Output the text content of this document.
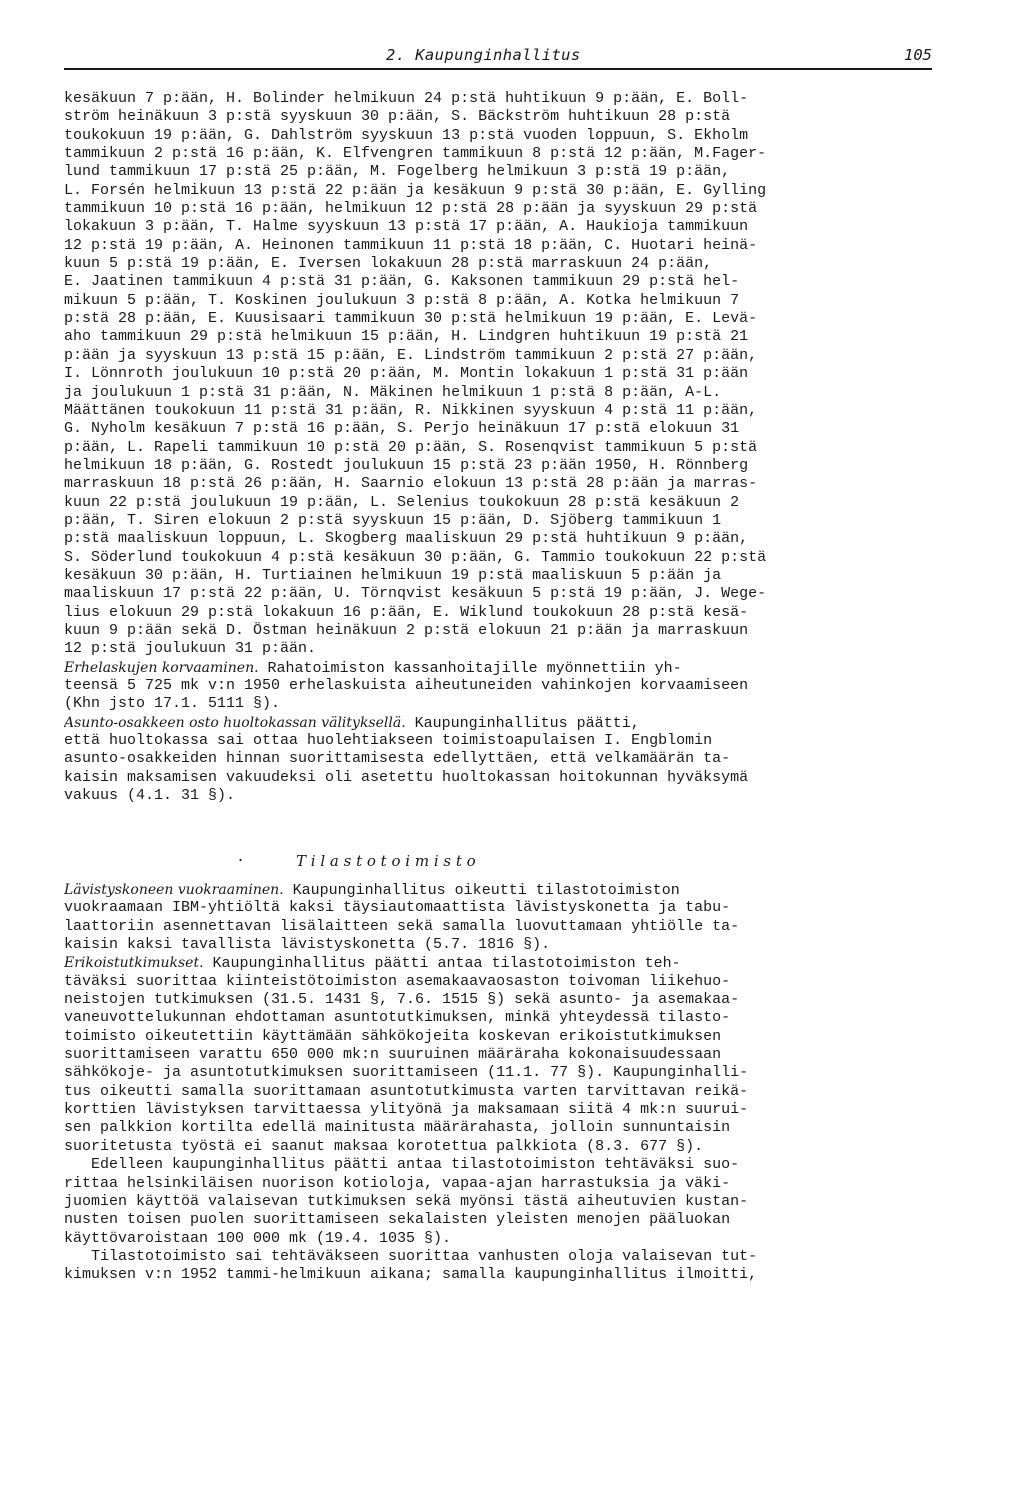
2. Kaupunginhallitus	105
kesäkuun 7 p:ään, H. Bolinder helmikuun 24 p:stä huhtikuun 9 p:ään, E. Boll-
ström heinäkuun 3 p:stä syyskuun 30 p:ään, S. Bäckström huhtikuun 28 p:stä
toukokuun 19 p:ään, G. Dahlström syyskuun 13 p:stä vuoden loppuun, S. Ekholm
tammikuun 2 p:stä 16 p:ään, K. Elfvengren tammikuun 8 p:stä 12 p:ään, M.Fager-
lund tammikuun 17 p:stä 25 p:ään, M. Fogelberg helmikuun 3 p:stä 19 p:ään,
L. Forsén helmikuun 13 p:stä 22 p:ään ja kesäkuun 9 p:stä 30 p:ään, E. Gylling
tammikuun 10 p:stä 16 p:ään, helmikuun 12 p:stä 28 p:ään ja syyskuun 29 p:stä
lokakuun 3 p:ään, T. Halme syyskuun 13 p:stä 17 p:ään, A. Haukioja tammikuun
12 p:stä 19 p:ään, A. Heinonen tammikuun 11 p:stä 18 p:ään, C. Huotari heinä-
kuun 5 p:stä 19 p:ään, E. Iversen lokakuun 28 p:stä marraskuun 24 p:ään,
E. Jaatinen tammikuun 4 p:stä 31 p:ään, G. Kaksonen tammikuun 29 p:stä hel-
mikuun 5 p:ään, T. Koskinen joulukuun 3 p:stä 8 p:ään, A. Kotka helmikuun 7
p:stä 28 p:ään, E. Kuusisaari tammikuun 30 p:stä helmikuun 19 p:ään, E. Levä-
aho tammikuun 29 p:stä helmikuun 15 p:ään, H. Lindgren huhtikuun 19 p:stä 21
p:ään ja syyskuun 13 p:stä 15 p:ään, E. Lindström tammikuun 2 p:stä 27 p:ään,
I. Lönnroth joulukuun 10 p:stä 20 p:ään, M. Montin lokakuun 1 p:stä 31 p:ään
ja joulukuun 1 p:stä 31 p:ään, N. Mäkinen helmikuun 1 p:stä 8 p:ään, A-L.
Määttänen toukokuun 11 p:stä 31 p:ään, R. Nikkinen syyskuun 4 p:stä 11 p:ään,
G. Nyholm kesäkuun 7 p:stä 16 p:ään, S. Perjo heinäkuun 17 p:stä elokuun 31
p:ään, L. Rapeli tammikuun 10 p:stä 20 p:ään, S. Rosenqvist tammikuun 5 p:stä
helmikuun 18 p:ään, G. Rostedt joulukuun 15 p:stä 23 p:ään 1950, H. Rönnberg
marraskuun 18 p:stä 26 p:ään, H. Saarnio elokuun 13 p:stä 28 p:ään ja marras-
kuun 22 p:stä joulukuun 19 p:ään, L. Selenius toukokuun 28 p:stä kesäkuun 2
p:ään, T. Siren elokuun 2 p:stä syyskuun 15 p:ään, D. Sjöberg tammikuun 1
p:stä maaliskuun loppuun, L. Skogberg maaliskuun 29 p:stä huhtikuun 9 p:ään,
S. Söderlund toukokuun 4 p:stä kesäkuun 30 p:ään, G. Tammio toukokuun 22 p:stä
kesäkuun 30 p:ään, H. Turtiainen helmikuun 19 p:stä maaliskuun 5 p:ään ja
maaliskuun 17 p:stä 22 p:ään, U. Törnqvist kesäkuun 5 p:stä 19 p:ään, J. Wege-
lius elokuun 29 p:stä lokakuun 16 p:ään, E. Wiklund toukokuun 28 p:stä kesä-
kuun 9 p:ään sekä D. Östman heinäkuun 2 p:stä elokuun 21 p:ään ja marraskuun
12 p:stä joulukuun 31 p:ään.
Erhelaskujen korvaaminen. Rahatoimiston kassanhoitajille myönnettiin yh-
teensä 5 725 mk v:n 1950 erhelaskuista aiheutuneiden vahinkojen korvaamiseen
(Khn jsto 17.1. 5111 §).
Asunto-osakkeen osto huoltokassan välityksellä. Kaupunginhallitus päätti,
että huoltokassa sai ottaa huolehtiakseen toimistoapulaisen I. Engblomin
asunto-osakkeiden hinnan suorittamisesta edellyttäen, että velkamäärän ta-
kaisin maksamisen vakuudeksi oli asetettu huoltokassan hoitokunnan hyväksymä
vakuus (4.1. 31 §).
·	T i l a s t o t o i m i s t o
Lävistyskoneen vuokraaminen. Kaupunginhallitus oikeutti tilastotoimiston
vuokraamaan IBM-yhtiöltä kaksi täysiautomaattista lävistyskonetta ja tabu-
laattoriin asennettavan lisälaitteen sekä samalla luovuttamaan yhtiölle ta-
kaisin kaksi tavallista lävistyskonetta (5.7. 1816 §).
Erikoistutkimukset. Kaupunginhallitus päätti antaa tilastotoimiston teh-
täväksi suorittaa kiinteistötoimiston asemakaavaosaston toivoman liikehuo-
neistojen tutkimuksen (31.5. 1431 §, 7.6. 1515 §) sekä asunto- ja asemakaa-
vaneuvottelukunnan ehdottaman asuntotutkimuksen, minkä yhteydessä tilasto-
toimisto oikeutettiin käyttämään sähkökojeita koskevan erikoistutkimuksen
suorittamiseen varattu 650 000 mk:n suuruinen määräraha kokonaisuudessaan
sähkökoje- ja asuntotutkimuksen suorittamiseen (11.1. 77 §). Kaupunginhalli-
tus oikeutti samalla suorittamaan asuntotutkimusta varten tarvittavan reikä-
korttien lävistyksen tarvittaessa ylityönä ja maksamaan siitä 4 mk:n suurui-
sen palkkion kortilta edellä mainitusta määrärahasta, jolloin sunnuntaisin
suoritetusta työstä ei saanut maksaa korotettua palkkiota (8.3. 677 §).
Edelleen kaupunginhallitus päätti antaa tilastotoimiston tehtäväksi suo-
rittaa helsinkiläisen nuorison kotioloja, vapaa-ajan harrastuksia ja väki-
juomien käyttöä valaisevan tutkimuksen sekä myönsi tästä aiheutuvien kustan-
nusten toisen puolen suorittamiseen sekalaisten yleisten menojen pääluokan
käyttövaroistaan 100 000 mk (19.4. 1035 §).
Tilastotoimisto sai tehtäväkseen suorittaa vanhusten oloja valaisevan tut-
kimuksen v:n 1952 tammi-helmikuun aikana; samalla kaupunginhallitus ilmoitti,
